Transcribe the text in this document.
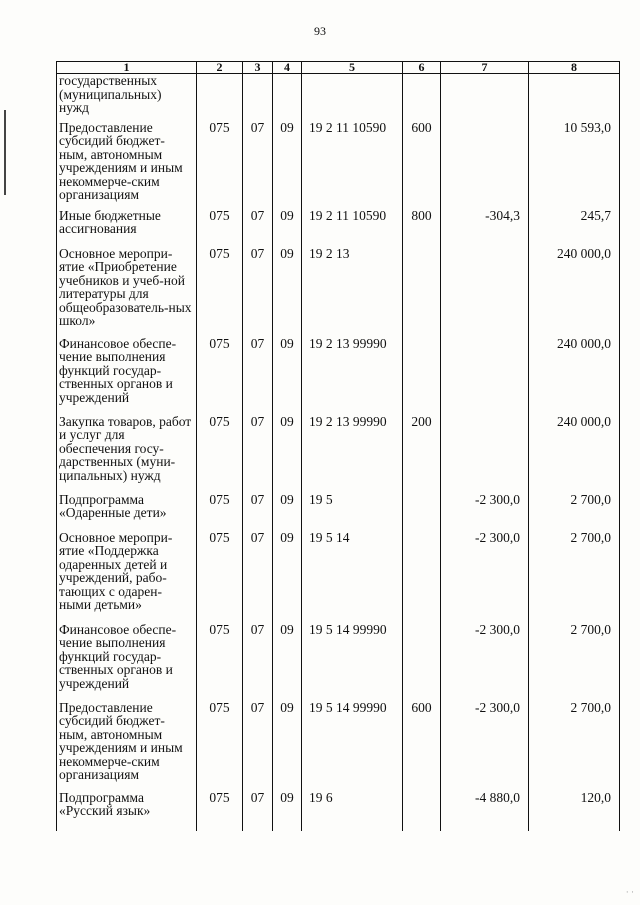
93
1	2	3	4	5	6	7	8
государственных (муниципальных) нужд							
Предоставление субсидий бюджет-ным, автономным учреждениям и иным некоммерче-ским организациям	075	07	09	19 2 11 10590	600		10 593,0
Иные бюджетные ассигнования	075	07	09	19 2 11 10590	800	-304,3	245,7
Основное меропри-ятие «Приобретение учебников и учеб-ной литературы для общеобразователь-ных школ»	075	07	09	19 2 13			240 000,0
Финансовое обеспе-чение выполнения функций государ-ственных органов и учреждений	075	07	09	19 2 13 99990			240 000,0
Закупка товаров, работ и услуг для обеспечения госу-дарственных (муни-ципальных) нужд	075	07	09	19 2 13 99990	200		240 000,0
Подпрограмма «Одаренные дети»	075	07	09	19 5		-2 300,0	2 700,0
Основное меропри-ятие «Поддержка одаренных детей и учреждений, рабо-тающих с одарен-ными детьми»	075	07	09	19 5 14		-2 300,0	2 700,0
Финансовое обеспе-чение выполнения функций государ-ственных органов и учреждений	075	07	09	19 5 14 99990		-2 300,0	2 700,0
Предоставление субсидий бюджет-ным, автономным учреждениям и иным некоммерче-ским организациям	075	07	09	19 5 14 99990	600	-2 300,0	2 700,0
Подпрограмма «Русский язык»	075	07	09	19 6		-4 880,0	120,0
· ·
